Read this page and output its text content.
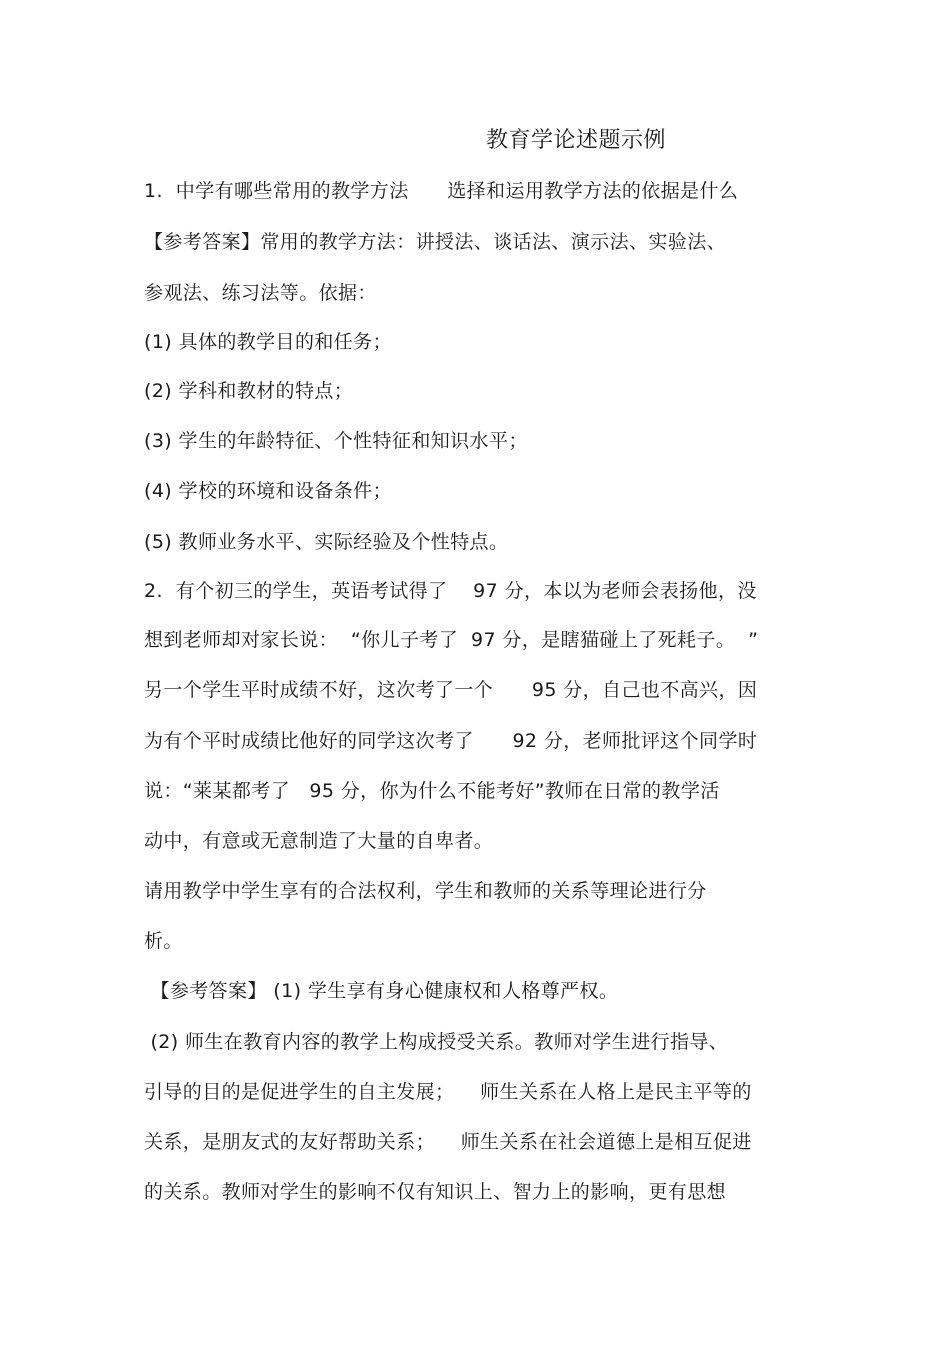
教育学论述题示例
1.  中学有哪些常用的教学方法      选择和运用教学方法的依据是什么
【参考答案】常用的教学方法：讲授法、谈话法、演示法、实验法、
参观法、练习法等。依据：
(1) 具体的教学目的和任务；
(2) 学科和教材的特点；
(3) 学生的年龄特征、个性特征和知识水平；
(4) 学校的环境和设备条件；
(5) 教师业务水平、实际经验及个性特点。
2.  有个初三的学生，英语考试得了    97 分，本以为老师会表扬他，没
想到老师却对家长说：  “你儿子考了  97 分，是瞎猫碰上了死耗子。  ”
另一个学生平时成绩不好，这次考了一个      95 分，自己也不高兴，因
为有个平时成绩比他好的同学这次考了      92 分，老师批评这个同学时
说：“莱某都考了   95 分，你为什么不能考好”教师在日常的教学活
动中，有意或无意制造了大量的自卑者。
请用教学中学生享有的合法权利，学生和教师的关系等理论进行分
析。
【参考答案】 (1) 学生享有身心健康权和人格尊严权。
(2) 师生在教育内容的教学上构成授受关系。教师对学生进行指导、
引导的目的是促进学生的自主发展；    师生关系在人格上是民主平等的
关系，是朋友式的友好帮助关系；    师生关系在社会道德上是相互促进
的关系。教师对学生的影响不仅有知识上、智力上的影响，更有思想
